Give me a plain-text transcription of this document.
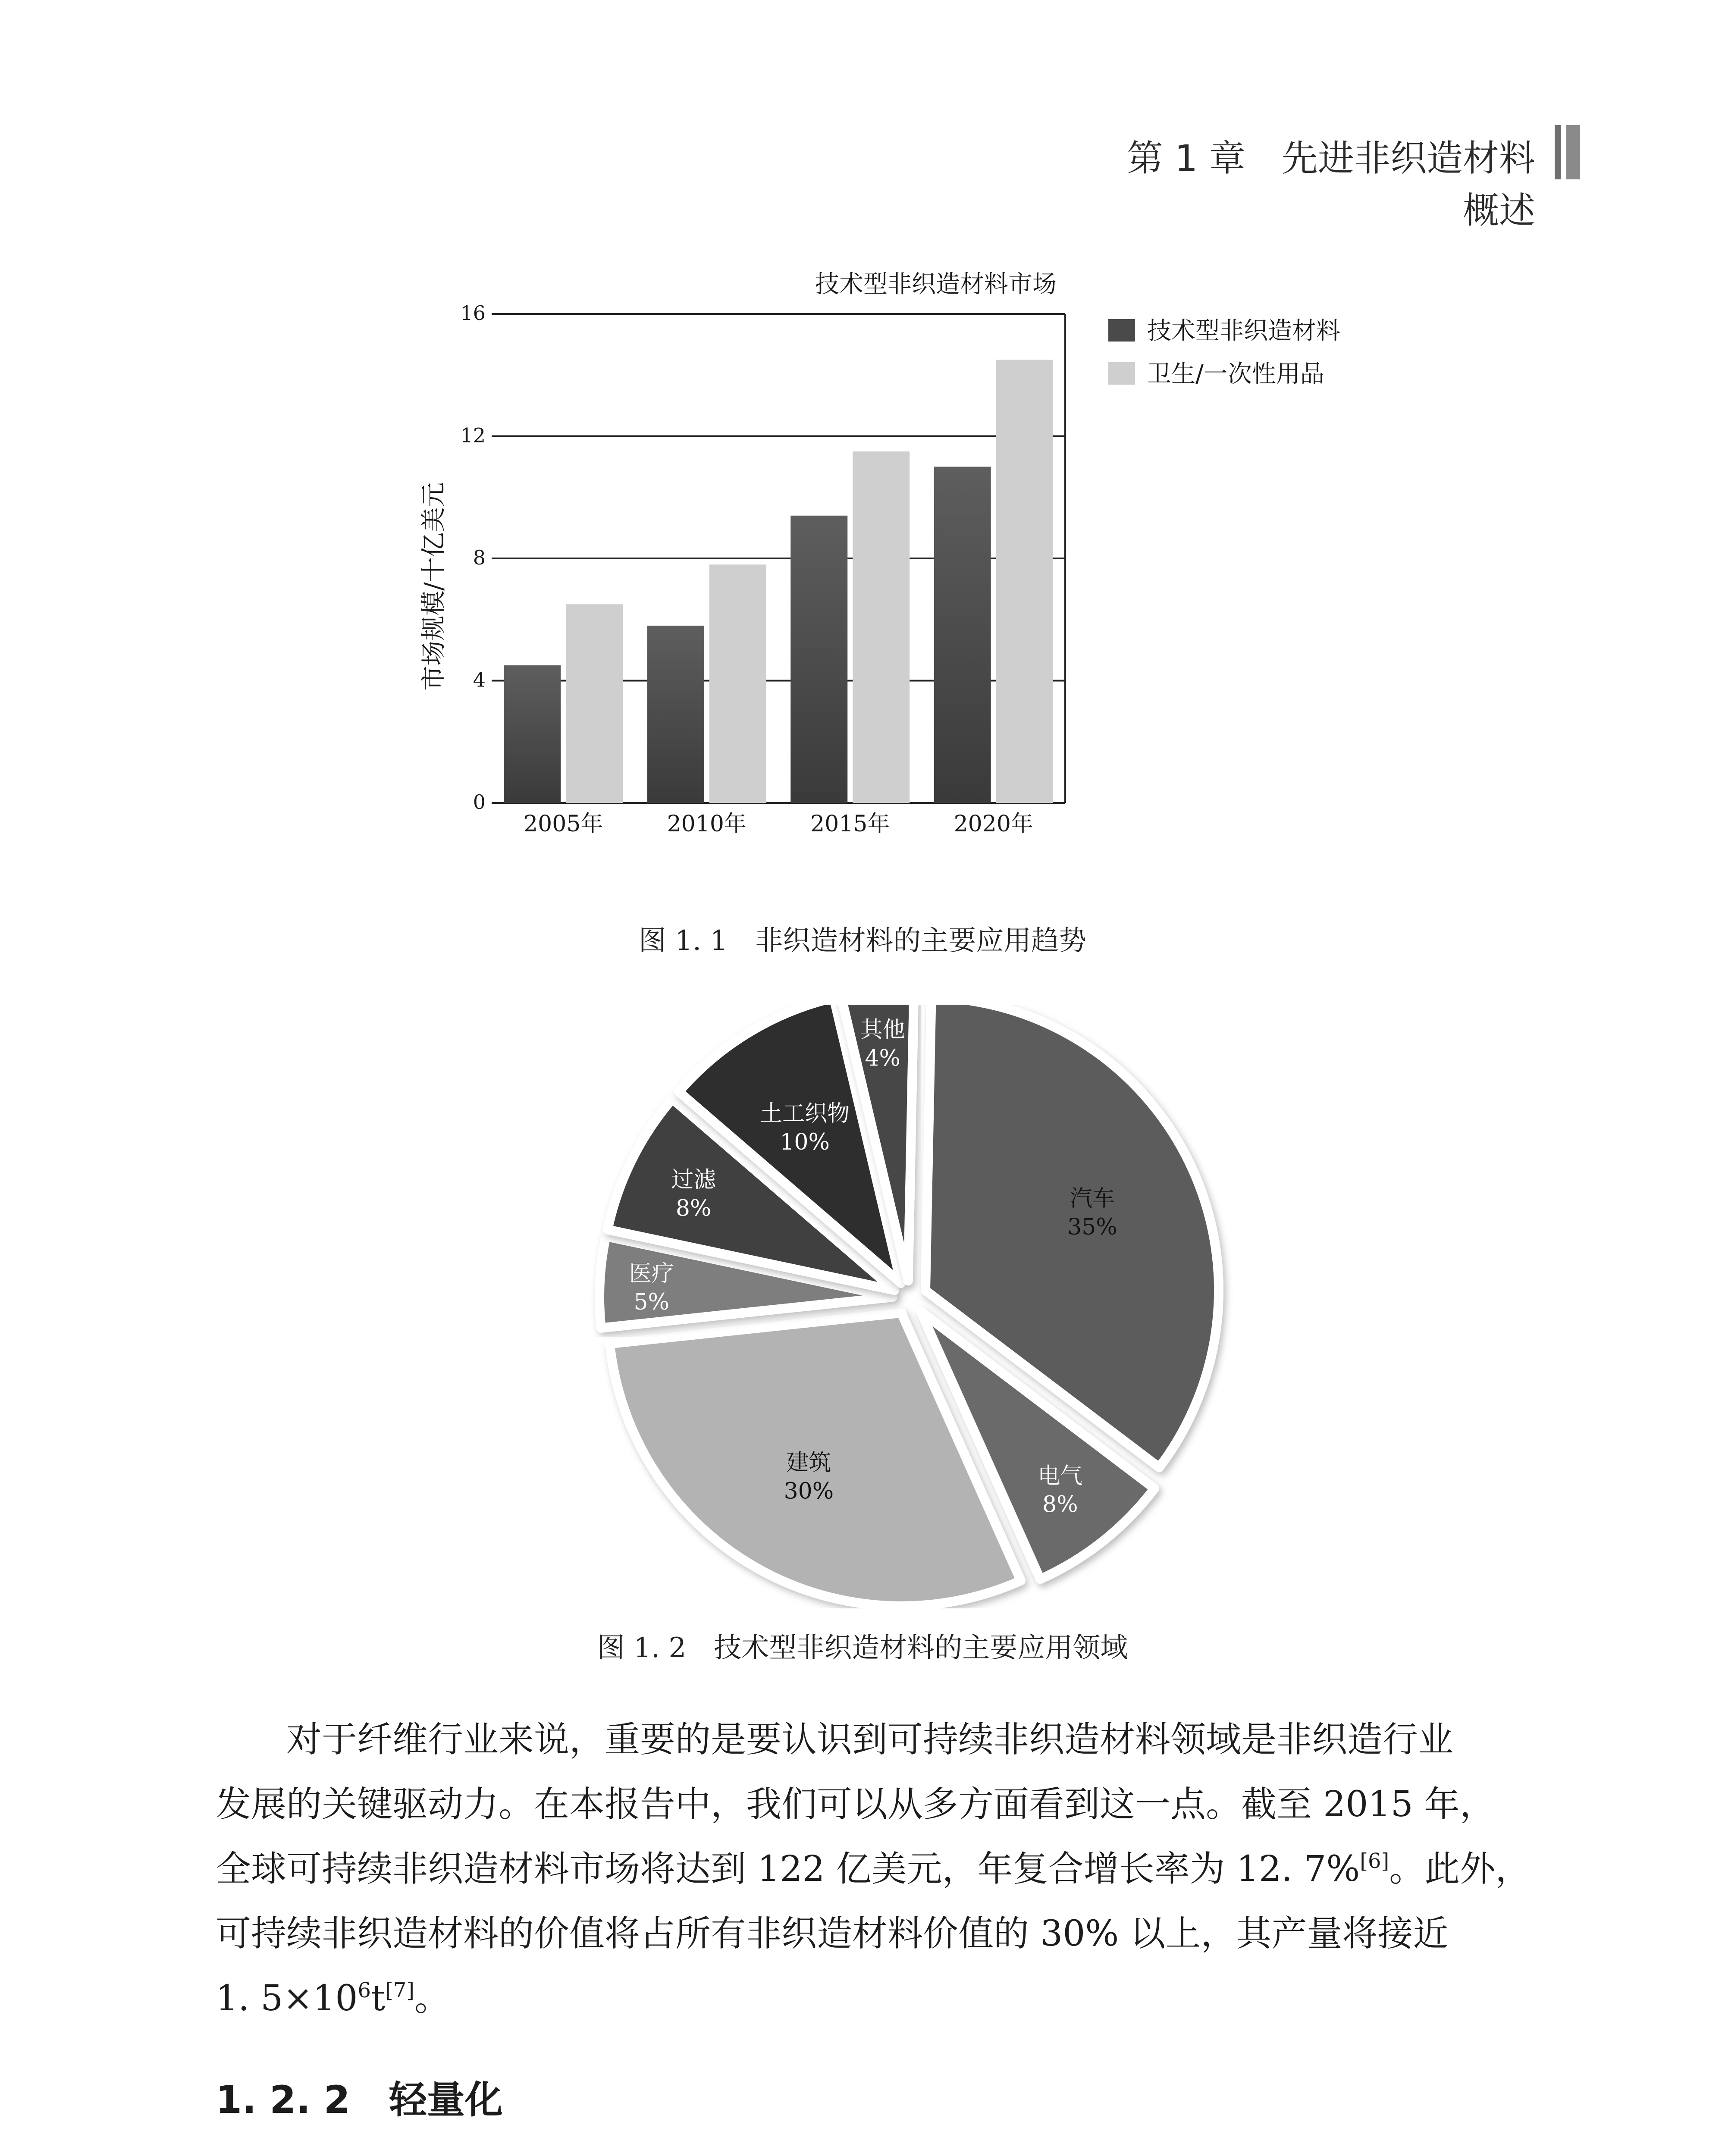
第 1 章　先进非织造材料概述
0
4
8
12
16
2005年	2010年	2015年	2020年
技术型非织造材料市场
市场规模/十亿美元
技术型非织造材料
卫生/一次性用品
图 1. 1　非织造材料的主要应用趋势
汽车
35%
电气
8%
建筑
30%
医疗
5%
过滤
8%
土工织物
10%
其他
4%
图 1. 2　技术型非织造材料的主要应用领域
对于纤维行业来说，重要的是要认识到可持续非织造材料领域是非织造行业
发展的关键驱动力。在本报告中，我们可以从多方面看到这一点。截至 2015 年，
全球可持续非织造材料市场将达到 122 亿美元，年复合增长率为 12. 7%[6]。此外，
可持续非织造材料的价值将占所有非织造材料价值的 30% 以上，其产量将接近
1. $5\times 10^6t[7]$。
1. 2. 2 轻量化
